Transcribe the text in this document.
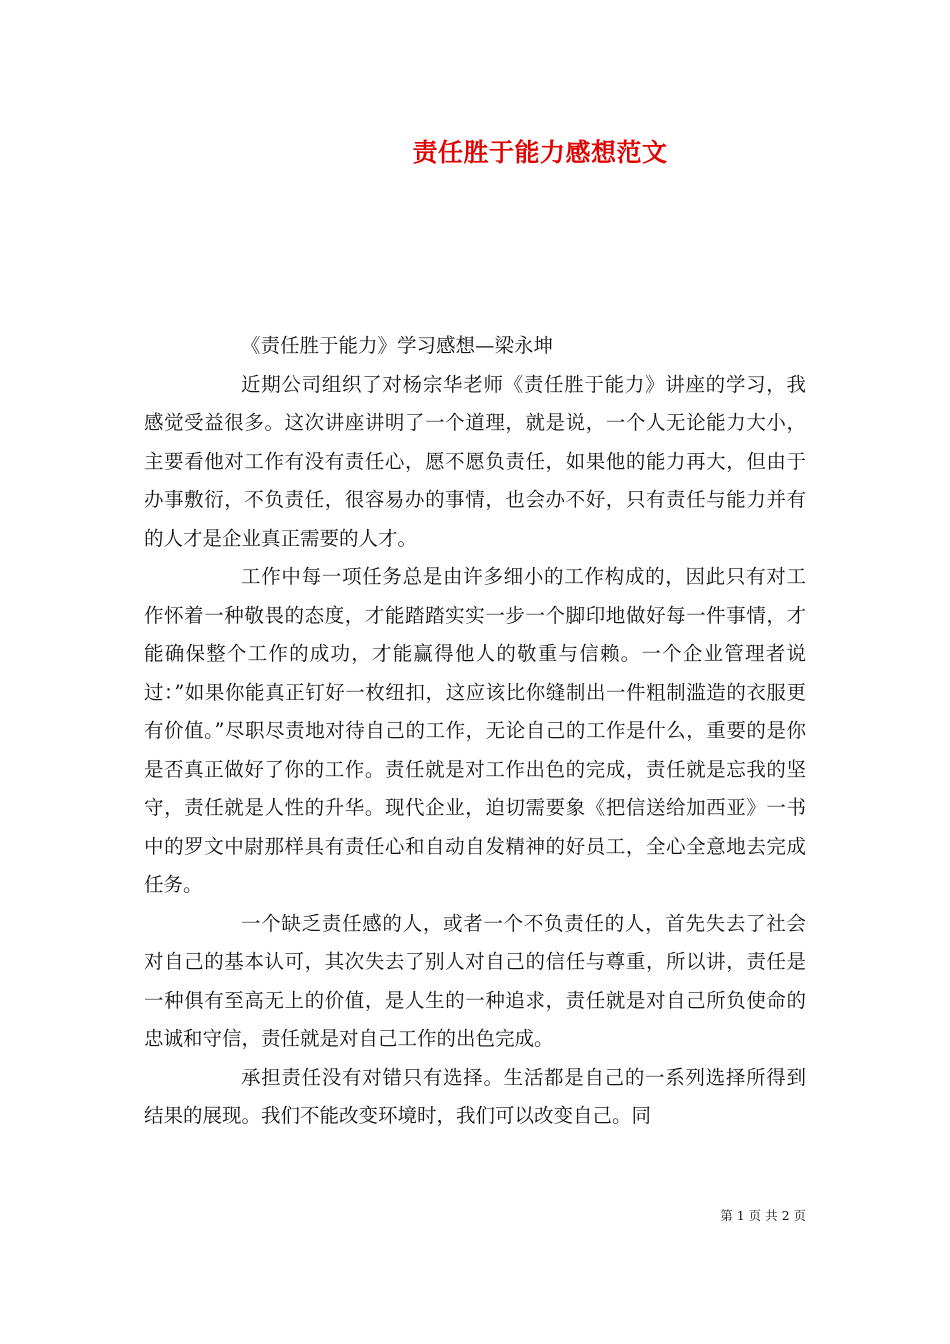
责任胜于能力感想范文

《责任胜于能力》学习感想—梁永坤

近期公司组织了对杨宗华老师《责任胜于能力》讲座的学习，我感觉受益很多。这次讲座讲明了一个道理，就是说，一个人无论能力大小，主要看他对工作有没有责任心，愿不愿负责任，如果他的能力再大，但由于办事敷衍，不负责任，很容易办的事情，也会办不好，只有责任与能力并有的人才是企业真正需要的人才。

工作中每一项任务总是由许多细小的工作构成的，因此只有对工作怀着一种敬畏的态度，才能踏踏实实一步一个脚印地做好每一件事情，才能确保整个工作的成功，才能赢得他人的敬重与信赖。一个企业管理者说过：”如果你能真正钉好一枚纽扣，这应该比你缝制出一件粗制滥造的衣服更有价值。”尽职尽责地对待自己的工作，无论自己的工作是什么，重要的是你是否真正做好了你的工作。责任就是对工作出色的完成，责任就是忘我的坚守，责任就是人性的升华。现代企业，迫切需要象《把信送给加西亚》一书中的罗文中尉那样具有责任心和自动自发精神的好员工，全心全意地去完成任务。

一个缺乏责任感的人，或者一个不负责任的人，首先失去了社会对自己的基本认可，其次失去了别人对自己的信任与尊重，所以讲，责任是一种俱有至高无上的价值，是人生的一种追求，责任就是对自己所负使命的忠诚和守信，责任就是对自己工作的出色完成。

承担责任没有对错只有选择。生活都是自己的一系列选择所得到结果的展现。我们不能改变环境时，我们可以改变自己。同

第 1 页 共 2 页
